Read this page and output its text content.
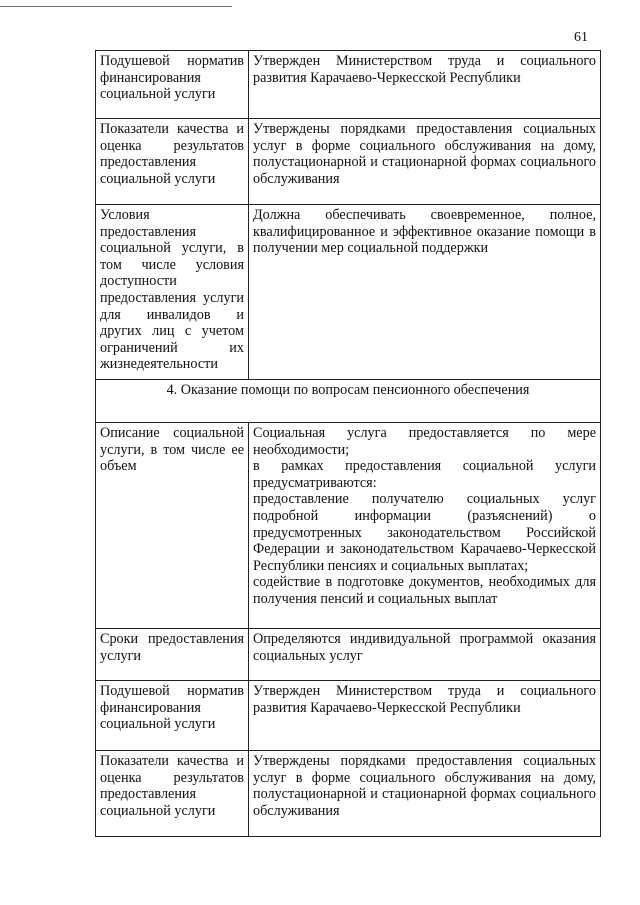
61
Подушевой норматив финансирования социальной услуги	Утвержден Министерством труда и социального развития Карачаево-Черкесской Республики
Показатели качества и оценка результатов предоставления социальной услуги	Утверждены порядками предоставления социальных услуг в форме социального обслуживания на дому, полустационарной и стационарной формах социального обслуживания
Условия предоставления социальной услуги, в том числе условия доступности предоставления услуги для инвалидов и других лиц с учетом ограничений их жизнедеятельности	Должна обеспечивать своевременное, полное, квалифицированное и эффективное оказание помощи в получении мер социальной поддержки
4. Оказание помощи по вопросам пенсионного обеспечения	
Описание социальной услуги, в том числе ее объем	Социальная услуга предоставляется по мере необходимости;

в рамках предоставления социальной услуги предусматриваются:

предоставление получателю социальных услуг подробной информации (разъяснений) о предусмотренных законодательством Российской Федерации и законодательством Карачаево-Черкесской Республики пенсиях и социальных выплатах;

содействие в подготовке документов, необходимых для получения пенсий и социальных выплат

Сроки предоставления услуги	Определяются индивидуальной программой оказания социальных услуг
Подушевой норматив финансирования социальной услуги	Утвержден Министерством труда и социального развития Карачаево-Черкесской Республики
Показатели качества и оценка результатов предоставления социальной услуги	Утверждены порядками предоставления социальных услуг в форме социального обслуживания на дому, полустационарной и стационарной формах социального обслуживания
